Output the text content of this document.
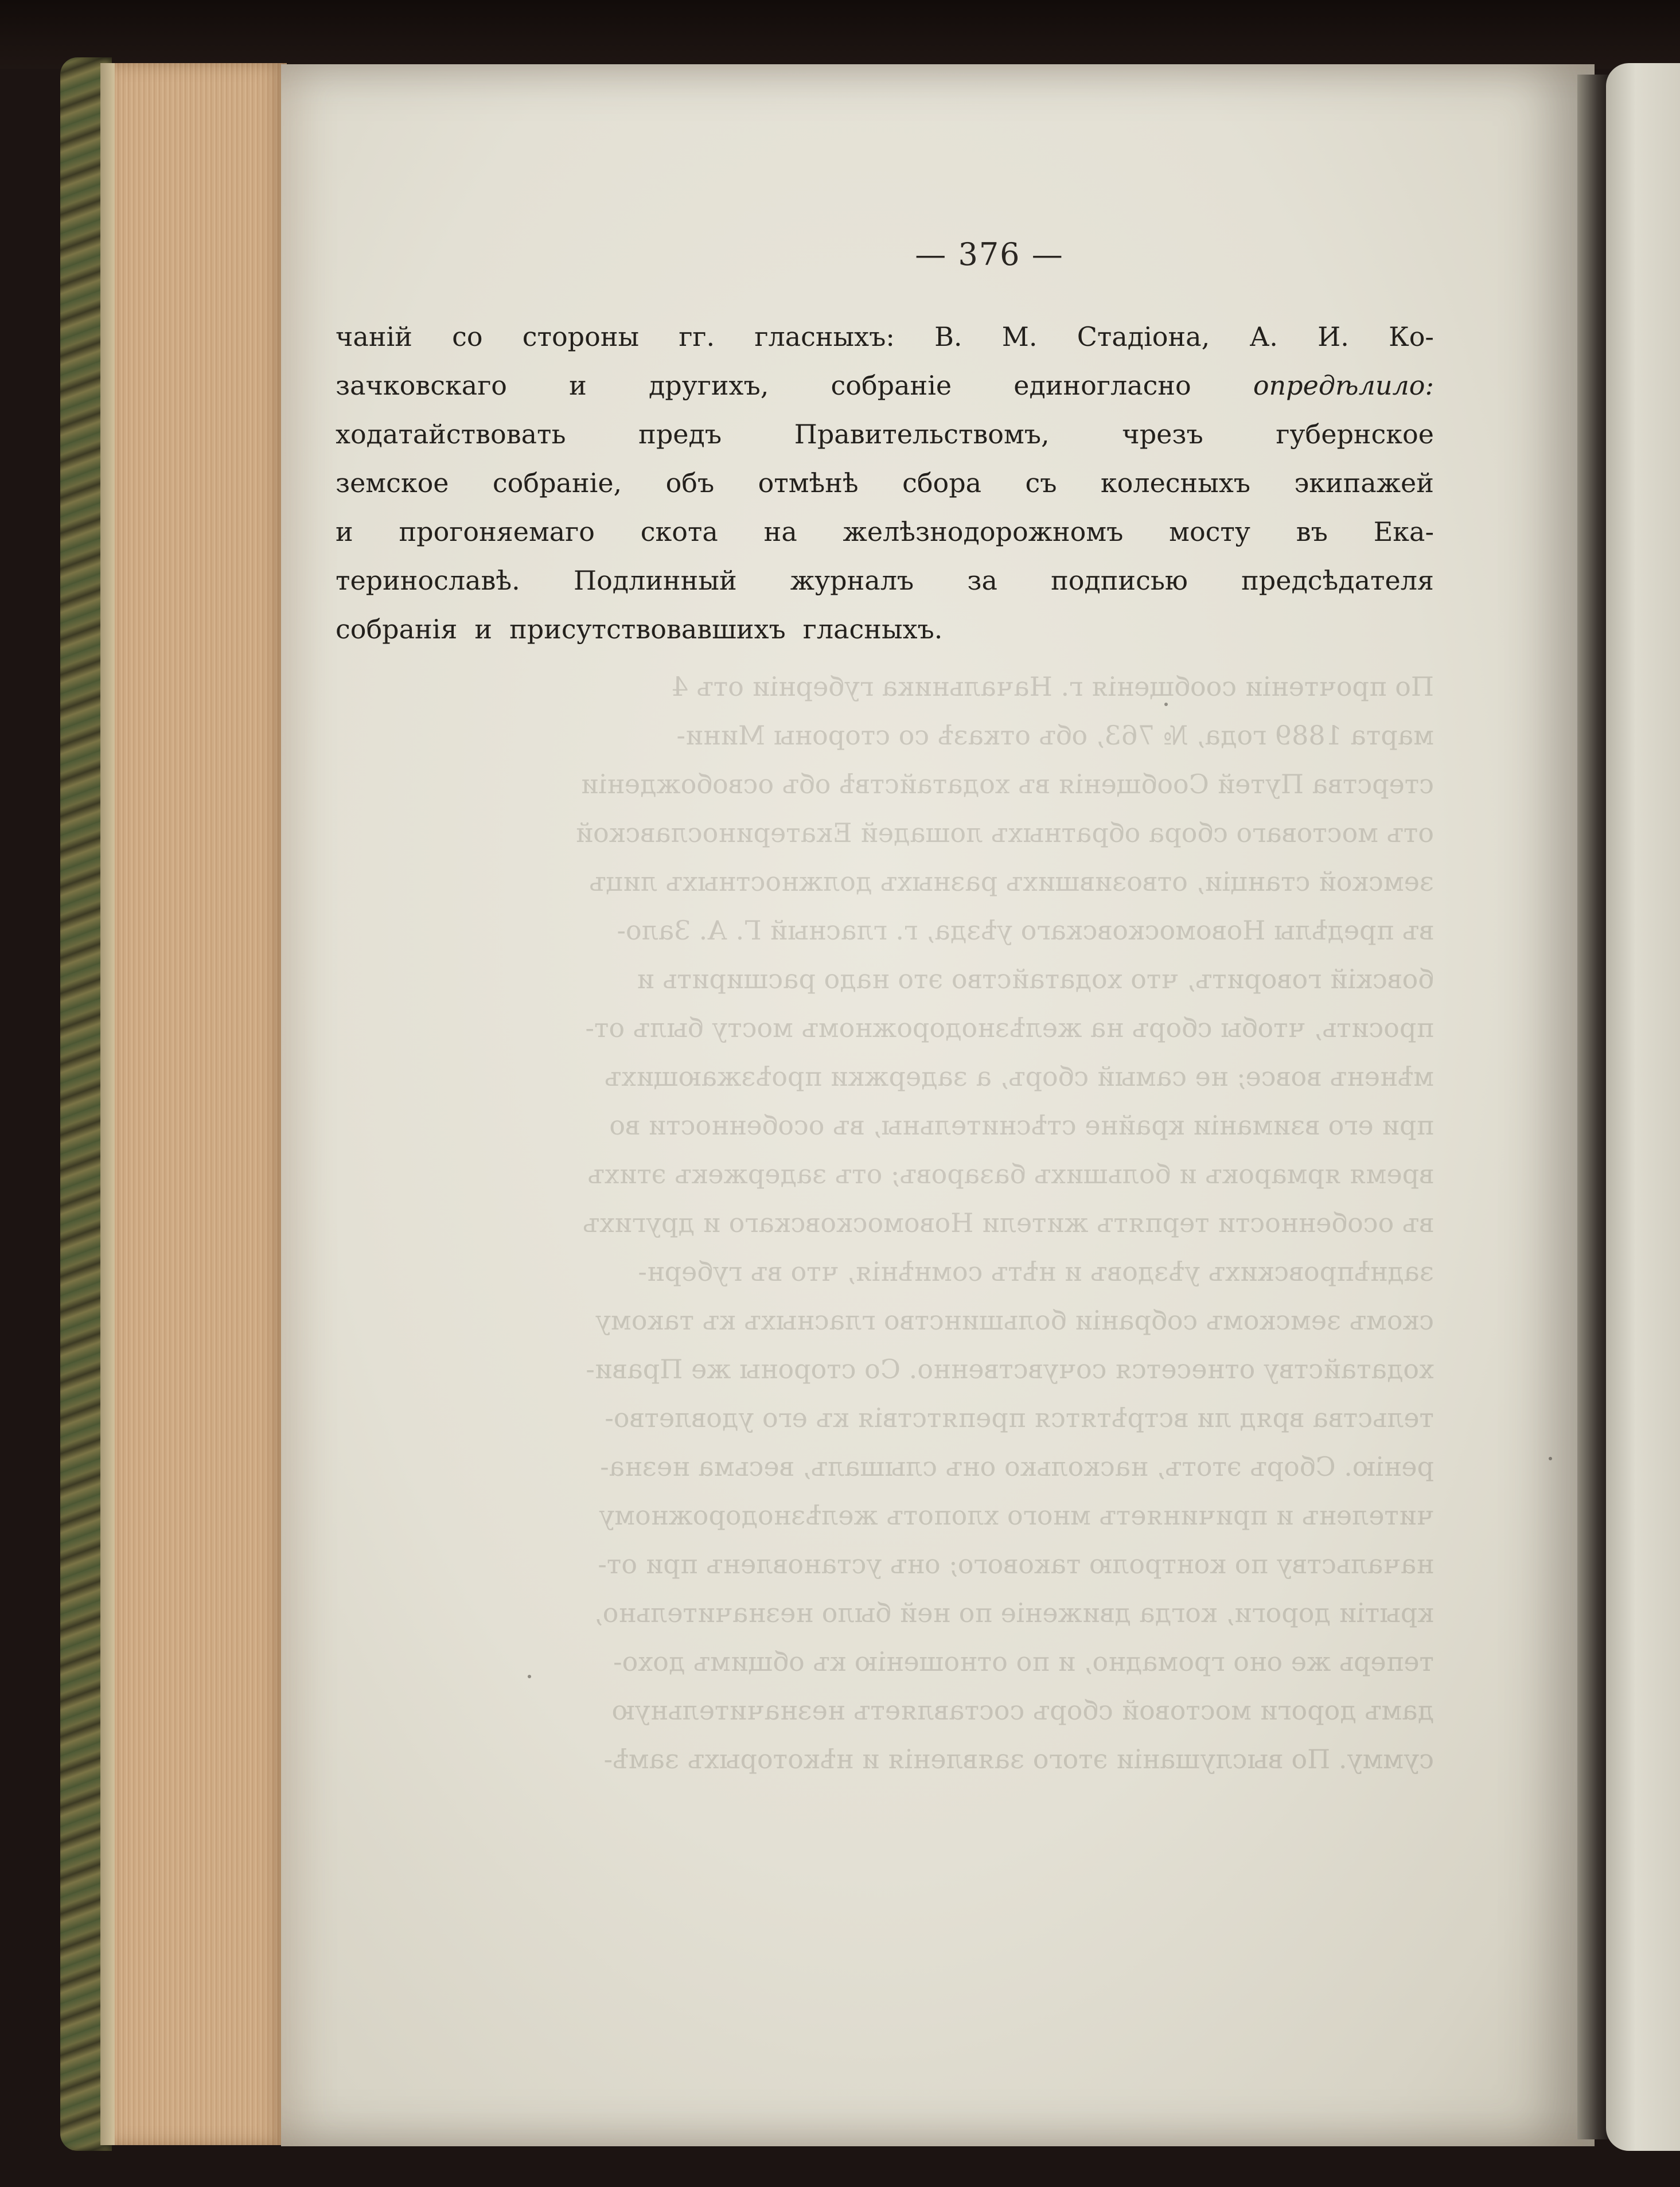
— 376 —
По прочтеніи сообщенія г. Начальника губерніи отъ 4
марта 1889 года, № 763, объ отказѣ со стороны Мини-
стерства Путей Сообщенія въ ходатайствѣ объ освобожденіи
отъ мостоваго сбора обратныхъ лошадей Екатеринославской
земской станціи, отвозившихъ разныхъ должностныхъ лицъ
въ предѣлы Новомосковскаго уѣзда, г. гласный Г. А. Зало-
бовскій говоритъ, что ходатайство это надо расширить и
просить, чтобы сборъ на желѣзнодорожномъ мосту былъ от-
мѣненъ вовсе; не самый сборъ, а задержки проѣзжающихъ
при его взиманіи крайне стѣснительны, въ особенности во
время ярмарокъ и большихъ базаровъ; отъ задержекъ этихъ
въ особенности терпятъ жители Новомосковскаго и другихъ
заднѣпровскихъ уѣздовъ и нѣтъ сомнѣнія, что въ губерн-
скомъ земскомъ собраніи большинство гласныхъ къ такому
ходатайству отнесется сочувственно. Со стороны же Прави-
тельства вряд ли встрѣтятся препятствія къ его удовлетво-
ренію. Сборъ этотъ, насколько онъ слышалъ, весьма незна-
чителенъ и причиняетъ много хлопотъ желѣзнодорожному
начальству по контролю такового; онъ установленъ при от-
крытіи дороги, когда движеніе по ней было незначительно,
теперь же оно громадно, и по отношенію къ общимъ дохо-
дамъ дороги мостовой сборъ составляетъ незначительную
сумму. По выслушаніи этого заявленія и нѣкоторыхъ замѣ-
чаній со стороны гг. гласныхъ: В. М. Стадіона, А. И. Ко-
зачковскаго и другихъ, собраніе единогласно опредѣлило:
ходатайствовать	предъ	Правительствомъ,	чрезъ	губернское
земское собраніе, объ отмѣнѣ сбора съ колесныхъ экипажей
и прогоняемаго скота на желѣзнодорожномъ мосту въ Ека-
теринославѣ. Подлинный журналъ за подписью предсѣдателя
собранія и присутствовавшихъ гласныхъ.
